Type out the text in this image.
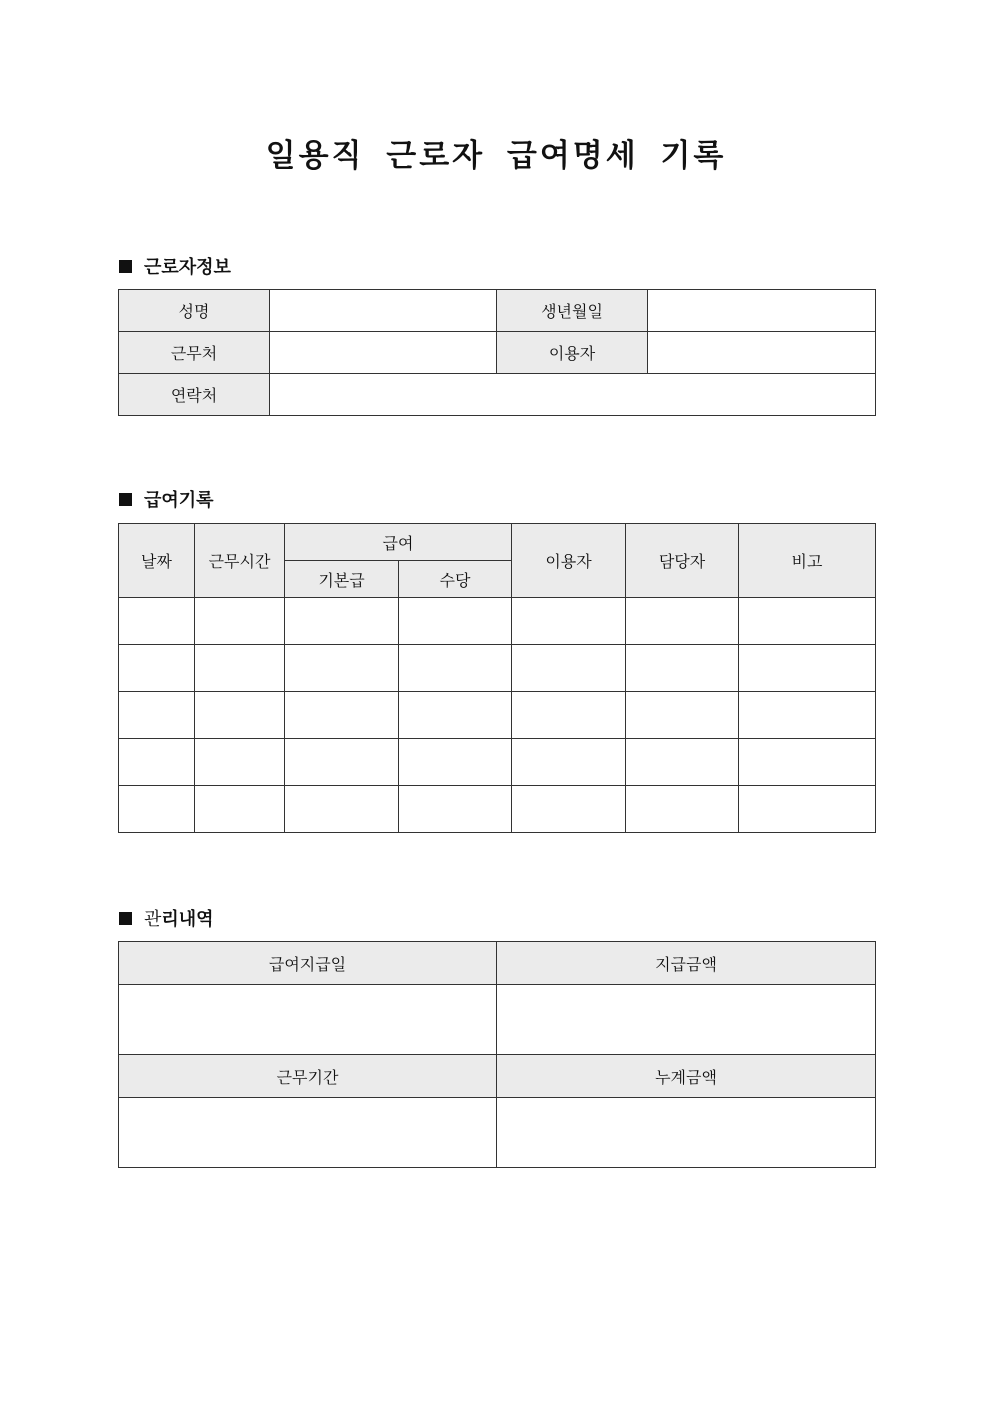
일용직 근로자 급여명세 기록
근로자정보
성명		생년월일	
근무처		이용자	
연락처			
급여기록
날짜	근무시간	급여		이용자	담당자	비고
		기본급	수당			

관 리내역
급여지급일	지급금액

근무기간	누계금액
